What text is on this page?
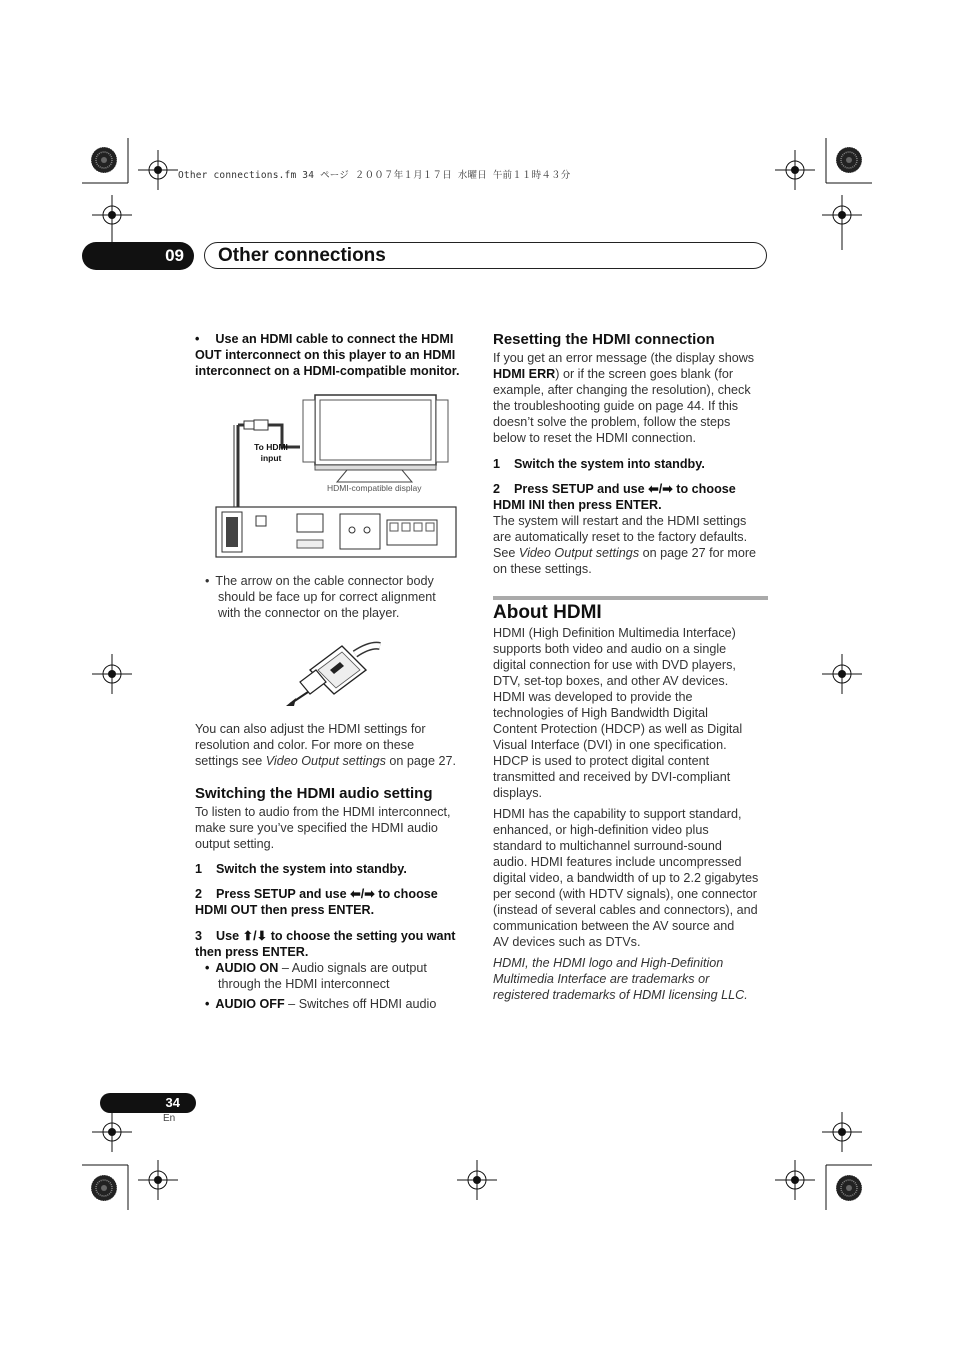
Other connections.fm 34 ページ ２００７年１月１７日 水曜日 午前１１時４３分
09	Other connections
• Use an HDMI cable to connect the HDMI
OUT interconnect on this player to an HDMI
interconnect on a HDMI-compatible monitor.
To HDMI
input
HDMI-compatible display
• The arrow on the cable connector body
should be face up for correct alignment
with the connector on the player.
You can also adjust the HDMI settings for
resolution and color. For more on these
settings see Video Output settings on page 27.
Switching the HDMI audio setting
To listen to audio from the HDMI interconnect,
make sure you’ve specified the HDMI audio
output setting.
1 Switch the system into standby.
2 Press SETUP and use ⬅/➡ to choose
HDMI OUT then press ENTER.
3 Use ⬆/⬇ to choose the setting you want
then press ENTER.
• AUDIO ON – Audio signals are output
through the HDMI interconnect
• AUDIO OFF – Switches off HDMI audio
Resetting the HDMI connection
If you get an error message (the display shows
HDMI ERR) or if the screen goes blank (for
example, after changing the resolution), check
the troubleshooting guide on page 44. If this
doesn’t solve the problem, follow the steps
below to reset the HDMI connection.
1 Switch the system into standby.
2 Press SETUP and use ⬅/➡ to choose
HDMI INI then press ENTER.
The system will restart and the HDMI settings
are automatically reset to the factory defaults.
See Video Output settings on page 27 for more
on these settings.
About HDMI
HDMI (High Definition Multimedia Interface)
supports both video and audio on a single
digital connection for use with DVD players,
DTV, set-top boxes, and other AV devices.
HDMI was developed to provide the
technologies of High Bandwidth Digital
Content Protection (HDCP) as well as Digital
Visual Interface (DVI) in one specification.
HDCP is used to protect digital content
transmitted and received by DVI-compliant
displays.

HDMI has the capability to support standard,
enhanced, or high-definition video plus
standard to multichannel surround-sound
audio. HDMI features include uncompressed
digital video, a bandwidth of up to 2.2 gigabytes
per second (with HDTV signals), one connector
(instead of several cables and connectors), and
communication between the AV source and
AV devices such as DTVs.

HDMI, the HDMI logo and High-Definition
Multimedia Interface are trademarks or
registered trademarks of HDMI licensing LLC.

34
En
